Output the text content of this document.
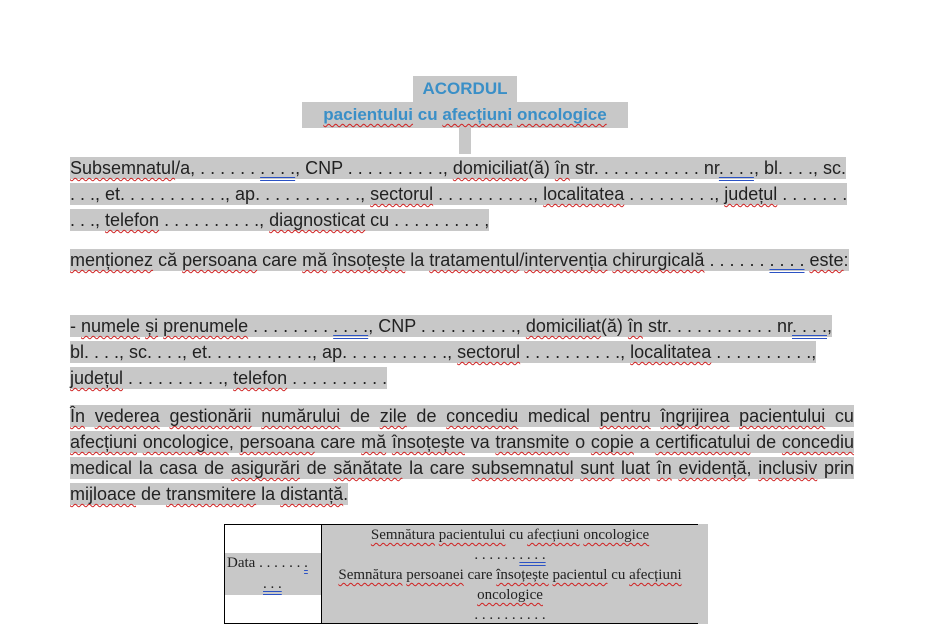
ACORDUL
pacientului cu afecțiuni oncologice

Subsemnatul/a, . . . . . . . . . ., CNP . . . . . . . . . ., domiciliat(ă) în str. . . . . . . . . . . nr. . . ., bl. . . ., sc. . . ., et. . . . . . . . . . ., ap. . . . . . . . . . ., sectorul . . . . . . . . . ., localitatea . . . . . . . . ., județul . . . . . . . . . ., telefon . . . . . . . . . ., diagnosticat cu . . . . . . . . . ,

menționez că persoana care mă însoțește la tratamentul/intervenția chirurgicală . . . . . . . . . . este:

- numele și prenumele . . . . . . . . . . . ., CNP . . . . . . . . . ., domiciliat(ă) în str. . . . . . . . . . . nr. . . ., bl. . . ., sc. . . ., et. . . . . . . . . . ., ap. . . . . . . . . . ., sectorul . . . . . . . . . ., localitatea . . . . . . . . . ., județul . . . . . . . . . ., telefon . . . . . . . . . .

În vederea gestionării numărului de zile de concediu medical pentru îngrijirea pacientului cu afecțiuni oncologice, persoana care mă însoțește va transmite o copie a certificatului de concediu medical la casa de asigurări de sănătate la care subsemnatul sunt luat în evidență, inclusiv prin mijloace de transmitere la distanță.

Data . . . . . . .
. . .
Semnătura pacientului cu afecțiuni oncologice
. . . . . . . . . .
Semnătura persoanei care însoțește pacientul cu afecțiuni oncologice
. . . . . . . . . .
